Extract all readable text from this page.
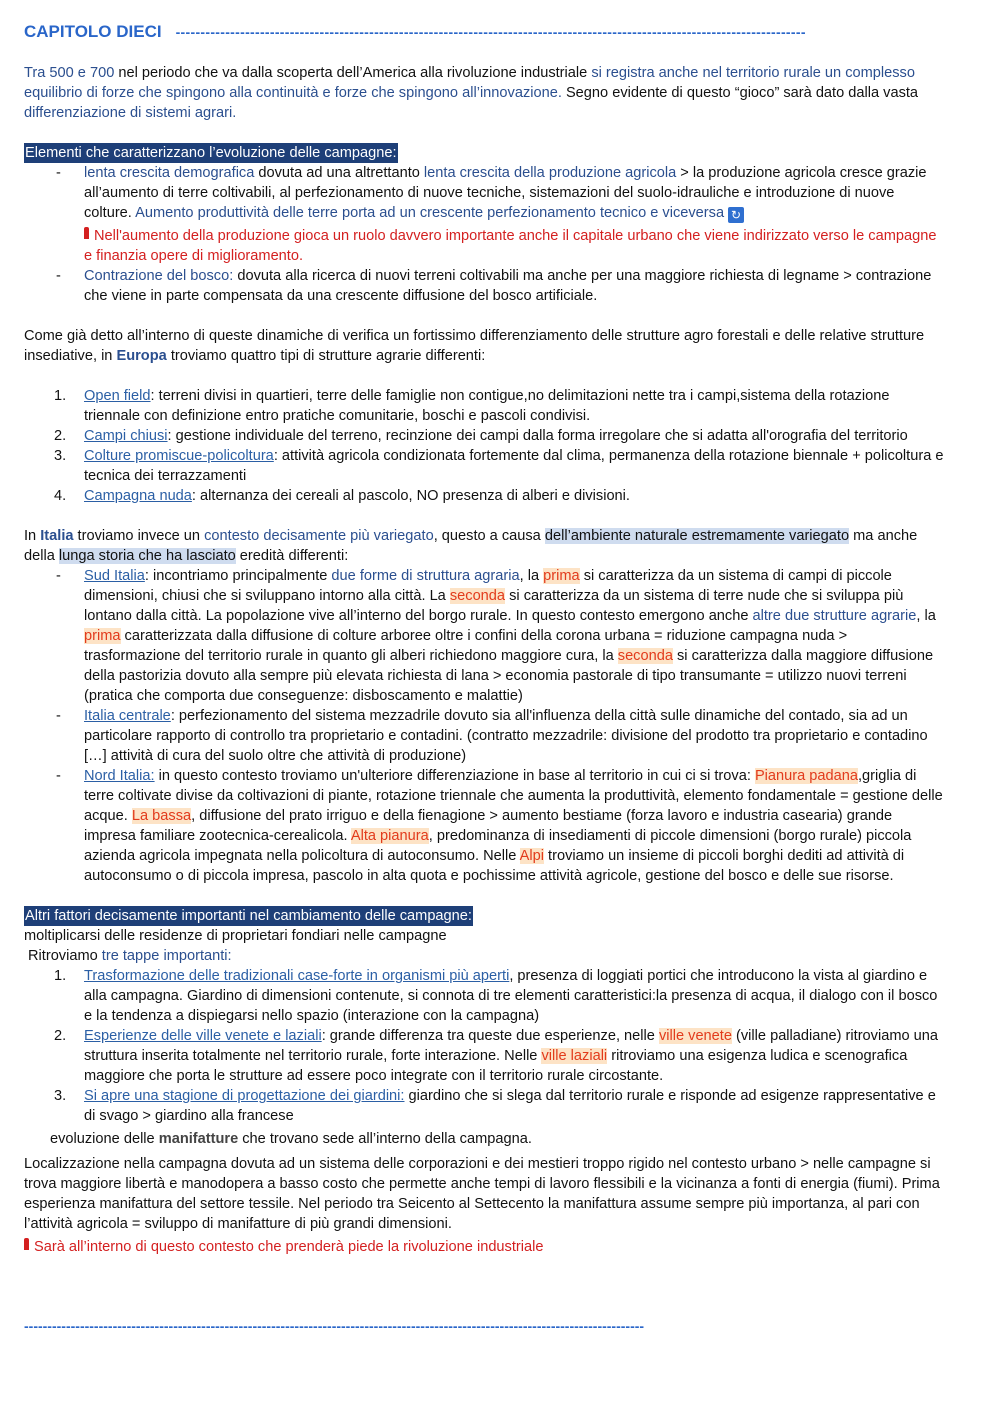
CAPITOLO DIECI -------------------------------------------------------------------------------------------------------------------------------

Tra 500 e 700 nel periodo che va dalla scoperta dell’America alla rivoluzione industriale si registra anche nel territorio rurale un complesso equilibrio di forze che spingono alla continuità e forze che spingono all’innovazione. Segno evidente di questo “gioco” sarà dato dalla vasta differenziazione di sistemi agrari.

Elementi che caratterizzano l’evoluzione delle campagne:

- lenta crescita demografica dovuta ad una altrettanto lenta crescita della produzione agricola > la produzione agricola cresce grazie all’aumento di terre coltivabili, al perfezionamento di nuove tecniche, sistemazioni del suolo-idrauliche e introduzione di nuove colture. Aumento produttività delle terre porta ad un crescente perfezionamento tecnico e viceversa ↻
Nell'aumento della produzione gioca un ruolo davvero importante anche il capitale urbano che viene indirizzato verso le campagne e finanzia opere di miglioramento.
- Contrazione del bosco: dovuta alla ricerca di nuovi terreni coltivabili ma anche per una maggiore richiesta di legname > contrazione che viene in parte compensata da una crescente diffusione del bosco artificiale.

Come già detto all’interno di queste dinamiche di verifica un fortissimo differenziamento delle strutture agro forestali e delle relative strutture insediative, in Europa troviamo quattro tipi di strutture agrarie differenti:

1. Open field: terreni divisi in quartieri, terre delle famiglie non contigue,no delimitazioni nette tra i campi,sistema della rotazione triennale con definizione entro pratiche comunitarie, boschi e pascoli condivisi.
2. Campi chiusi: gestione individuale del terreno, recinzione dei campi dalla forma irregolare che si adatta all'orografia del territorio
3. Colture promiscue-policoltura: attività agricola condizionata fortemente dal clima, permanenza della rotazione biennale + policoltura e tecnica dei terrazzamenti
4. Campagna nuda: alternanza dei cereali al pascolo, NO presenza di alberi e divisioni.

In Italia troviamo invece un contesto decisamente più variegato, questo a causa dell’ambiente naturale estremamente variegato ma anche della lunga storia che ha lasciato eredità differenti:

- Sud Italia: incontriamo principalmente due forme di struttura agraria, la prima si caratterizza da un sistema di campi di piccole dimensioni, chiusi che si sviluppano intorno alla città. La seconda si caratterizza da un sistema di terre nude che si sviluppa più lontano dalla città. La popolazione vive all’interno del borgo rurale. In questo contesto emergono anche altre due strutture agrarie, la prima caratterizzata dalla diffusione di colture arboree oltre i confini della corona urbana = riduzione campagna nuda > trasformazione del territorio rurale in quanto gli alberi richiedono maggiore cura, la seconda si caratterizza dalla maggiore diffusione della pastorizia dovuto alla sempre più elevata richiesta di lana > economia pastorale di tipo transumante = utilizzo nuovi terreni (pratica che comporta due conseguenze: disboscamento e malattie)
- Italia centrale: perfezionamento del sistema mezzadrile dovuto sia all'influenza della città sulle dinamiche del contado, sia ad un particolare rapporto di controllo tra proprietario e contadini. (contratto mezzadrile: divisione del prodotto tra proprietario e contadino […] attività di cura del suolo oltre che attività di produzione)
- Nord Italia: in questo contesto troviamo un'ulteriore differenziazione in base al territorio in cui ci si trova: Pianura padana,griglia di terre coltivate divise da coltivazioni di piante, rotazione triennale che aumenta la produttività, elemento fondamentale = gestione delle acque. La bassa, diffusione del prato irriguo e della fienagione > aumento bestiame (forza lavoro e industria casearia) grande impresa familiare zootecnica-cerealicola. Alta pianura, predominanza di insediamenti di piccole dimensioni (borgo rurale) piccola azienda agricola impegnata nella policoltura di autoconsumo. Nelle Alpi troviamo un insieme di piccoli borghi dediti ad attività di autoconsumo o di piccola impresa, pascolo in alta quota e pochissime attività agricole, gestione del bosco e delle sue risorse.

Altri fattori decisamente importanti nel cambiamento delle campagne:

moltiplicarsi delle residenze di proprietari fondiari nelle campagne

Ritroviamo tre tappe importanti:

1. Trasformazione delle tradizionali case-forte in organismi più aperti, presenza di loggiati portici che introducono la vista al giardino e alla campagna. Giardino di dimensioni contenute, si connota di tre elementi caratteristici:la presenza di acqua, il dialogo con il bosco e la tendenza a dispiegarsi nello spazio (interazione con la campagna)
2. Esperienze delle ville venete e laziali: grande differenza tra queste due esperienze, nelle ville venete (ville palladiane) ritroviamo una struttura inserita totalmente nel territorio rurale, forte interazione. Nelle ville laziali ritroviamo una esigenza ludica e scenografica maggiore che porta le strutture ad essere poco integrate con il territorio rurale circostante.
3. Si apre una stagione di progettazione dei giardini: giardino che si slega dal territorio rurale e risponde ad esigenze rappresentative e di svago > giardino alla francese

evoluzione delle manifatture che trovano sede all’interno della campagna.

Localizzazione nella campagna dovuta ad un sistema delle corporazioni e dei mestieri troppo rigido nel contesto urbano > nelle campagne si trova maggiore libertà e manodopera a basso costo che permette anche tempi di lavoro flessibili e la vicinanza a fonti di energia (fiumi). Prima esperienza manifattura del settore tessile. Nel periodo tra Seicento al Settecento la manifattura assume sempre più importanza, al pari con l’attività agricola = sviluppo di manifatture di più grandi dimensioni.

Sarà all’interno di questo contesto che prenderà piede la rivoluzione industriale

-------------------------------------------------------------------------------------------------------------------------------------
